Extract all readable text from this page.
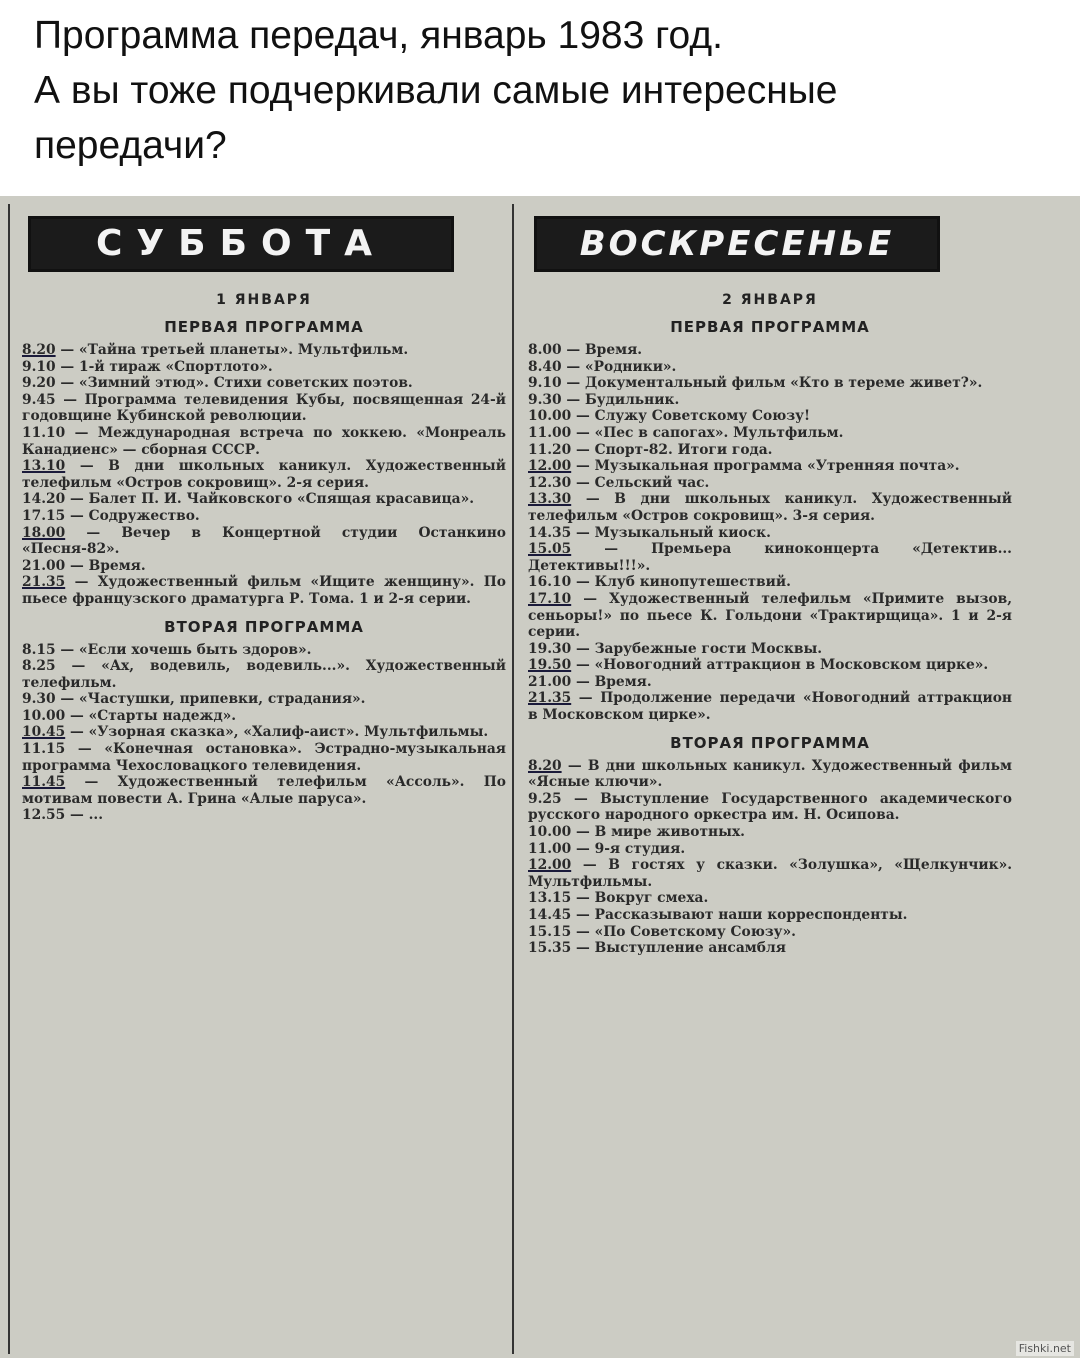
Программа передач, январь 1983 год.
А вы тоже подчеркивали самые интересные
передачи?
СУББОТА
1 ЯНВАРЯ
ПЕРВАЯ ПРОГРАММА

8.20 — «Тайна третьей планеты». Мультфильм.

9.10 — 1-й тираж «Спортлото».

9.20 — «Зимний этюд». Стихи советских поэтов.

9.45 — Программа телевидения Кубы, посвященная 24-й годовщине Кубинской революции.

11.10 — Международная встреча по хоккею. «Монреаль Канадиенс» — сборная СССР.

13.10 — В дни школьных каникул. Художественный телефильм «Остров сокровищ». 2-я серия.

14.20 — Балет П. И. Чайковского «Спящая красавица».

17.15 — Содружество.

18.00 — Вечер в Концертной студии Останкино «Песня-82».

21.00 — Время.

21.35 — Художественный фильм «Ищите женщину». По пьесе французского драматурга Р. Тома. 1 и 2-я серии.

ВТОРАЯ ПРОГРАММА

8.15 — «Если хочешь быть здоров».

8.25 — «Ах, водевиль, водевиль...». Художественный телефильм.

9.30 — «Частушки, припевки, страдания».

10.00 — «Старты надежд».

10.45 — «Узорная сказка», «Халиф-аист». Мультфильмы.

11.15 — «Конечная остановка». Эстрадно-музыкальная программа Чехословацкого телевидения.

11.45 — Художественный телефильм «Ассоль». По мотивам повести А. Грина «Алые паруса».

12.55 — ...

ВОСКРЕСЕНЬЕ
2 ЯНВАРЯ
ПЕРВАЯ ПРОГРАММА

8.00 — Время.

8.40 — «Родники».

9.10 — Документальный фильм «Кто в тереме живет?».

9.30 — Будильник.

10.00 — Служу Советскому Союзу!

11.00 — «Пес в сапогах». Мультфильм.

11.20 — Спорт-82. Итоги года.

12.00 — Музыкальная программа «Утренняя почта».

12.30 — Сельский час.

13.30 — В дни школьных каникул. Художественный телефильм «Остров сокровищ». 3-я серия.

14.35 — Музыкальный киоск.

15.05 — Премьера киноконцерта «Детектив... Детективы!!!».

16.10 — Клуб кинопутешествий.

17.10 — Художественный телефильм «Примите вызов, сеньоры!» по пьесе К. Гольдони «Трактирщица». 1 и 2-я серии.

19.30 — Зарубежные гости Москвы.

19.50 — «Новогодний аттракцион в Московском цирке».

21.00 — Время.

21.35 — Продолжение передачи «Новогодний аттракцион в Московском цирке».

ВТОРАЯ ПРОГРАММА

8.20 — В дни школьных каникул. Художественный фильм «Ясные ключи».

9.25 — Выступление Государственного академического русского народного оркестра им. Н. Осипова.

10.00 — В мире животных.

11.00 — 9-я студия.

12.00 — В гостях у сказки. «Золушка», «Щелкунчик». Мультфильмы.

13.15 — Вокруг смеха.

14.45 — Рассказывают наши корреспонденты.

15.15 — «По Советскому Союзу».

15.35 — Выступление ансамбля

Fishki.net
